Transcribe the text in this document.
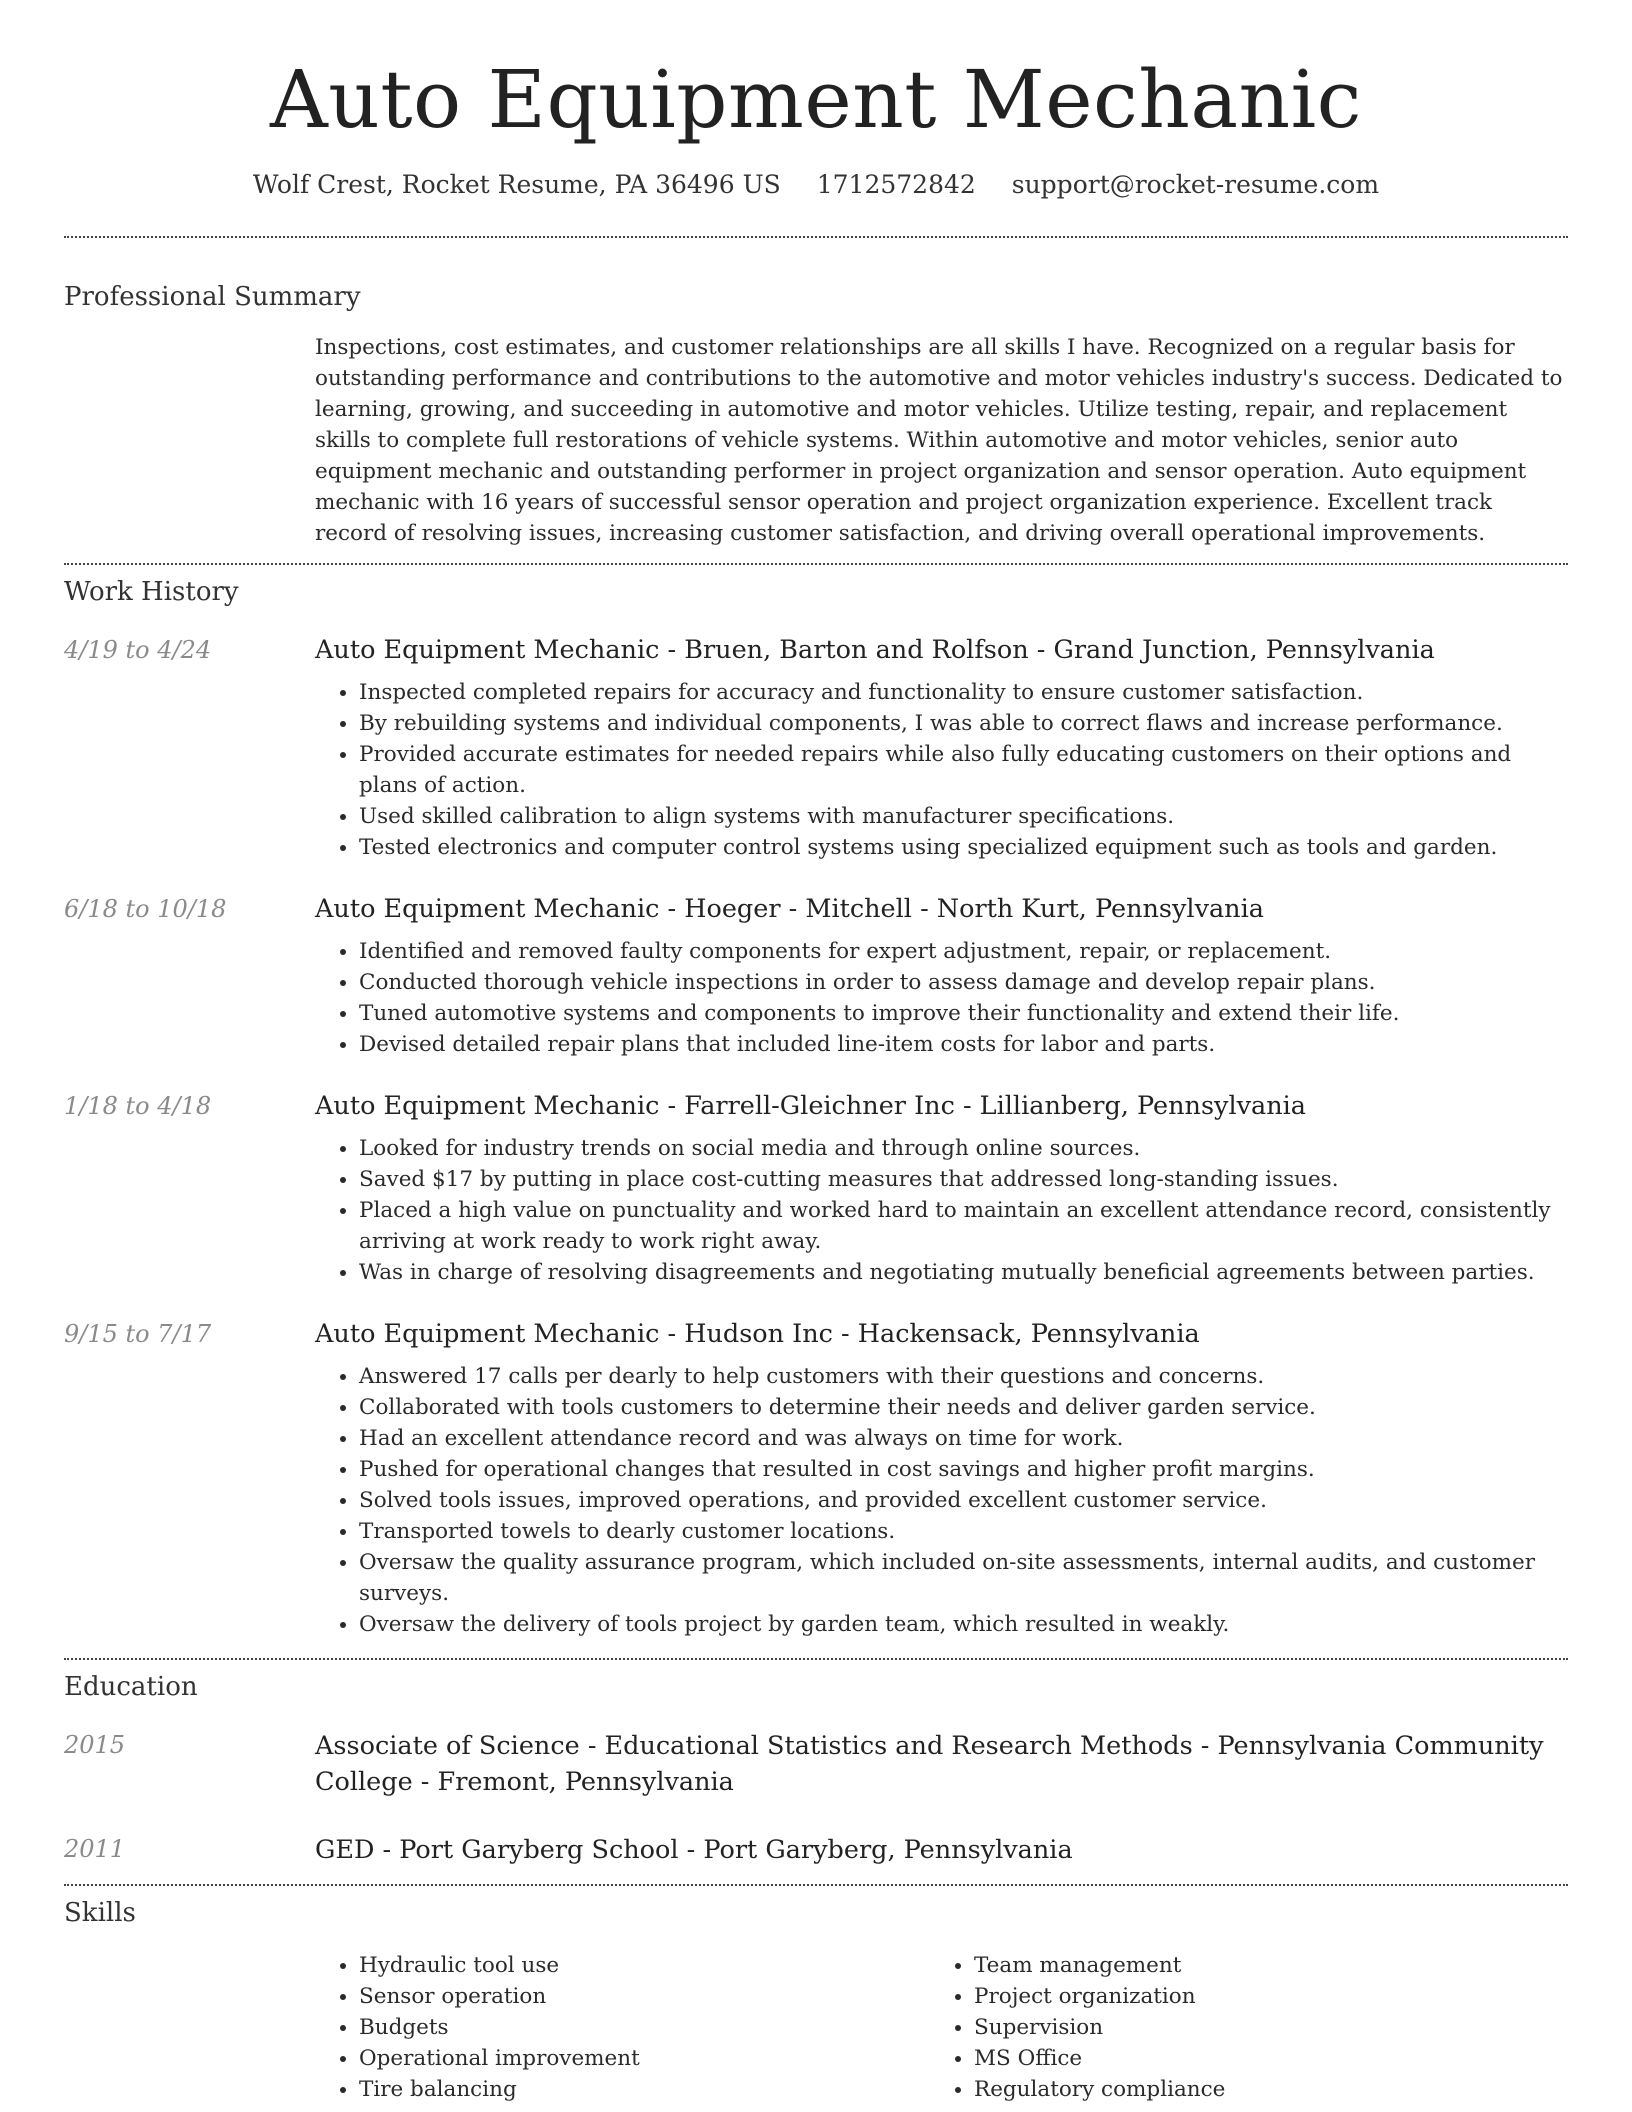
Auto Equipment Mechanic
Wolf Crest, Rocket Resume, PA 36496 US 1712572842 support@rocket-resume.com
Professional Summary

Inspections, cost estimates, and customer relationships are all skills I have. Recognized on a regular basis for outstanding performance and contributions to the automotive and motor vehicles industry's success. Dedicated to learning, growing, and succeeding in automotive and motor vehicles. Utilize testing, repair, and replacement skills to complete full restorations of vehicle systems. Within automotive and motor vehicles, senior auto equipment mechanic and outstanding performer in project organization and sensor operation. Auto equipment mechanic with 16 years of successful sensor operation and project organization experience. Excellent track record of resolving issues, increasing customer satisfaction, and driving overall operational improvements.

Work History
4/19 to 4/24	Auto Equipment Mechanic - Bruen, Barton and Rolfson - Grand Junction, Pennsylvania
• Inspected completed repairs for accuracy and functionality to ensure customer satisfaction.
• By rebuilding systems and individual components, I was able to correct flaws and increase performance.
• Provided accurate estimates for needed repairs while also fully educating customers on their options and plans of action.
• Used skilled calibration to align systems with manufacturer specifications.
• Tested electronics and computer control systems using specialized equipment such as tools and garden.
6/18 to 10/18	Auto Equipment Mechanic - Hoeger - Mitchell - North Kurt, Pennsylvania
• Identified and removed faulty components for expert adjustment, repair, or replacement.
• Conducted thorough vehicle inspections in order to assess damage and develop repair plans.
• Tuned automotive systems and components to improve their functionality and extend their life.
• Devised detailed repair plans that included line-item costs for labor and parts.
1/18 to 4/18	Auto Equipment Mechanic - Farrell-Gleichner Inc - Lillianberg, Pennsylvania
• Looked for industry trends on social media and through online sources.
• Saved $17 by putting in place cost-cutting measures that addressed long-standing issues.
• Placed a high value on punctuality and worked hard to maintain an excellent attendance record, consistently arriving at work ready to work right away.
• Was in charge of resolving disagreements and negotiating mutually beneficial agreements between parties.
9/15 to 7/17	Auto Equipment Mechanic - Hudson Inc - Hackensack, Pennsylvania
• Answered 17 calls per dearly to help customers with their questions and concerns.
• Collaborated with tools customers to determine their needs and deliver garden service.
• Had an excellent attendance record and was always on time for work.
• Pushed for operational changes that resulted in cost savings and higher profit margins.
• Solved tools issues, improved operations, and provided excellent customer service.
• Transported towels to dearly customer locations.
• Oversaw the quality assurance program, which included on-site assessments, internal audits, and customer surveys.
• Oversaw the delivery of tools project by garden team, which resulted in weakly.
Education
2015	Associate of Science - Educational Statistics and Research Methods - Pennsylvania Community College - Fremont, Pennsylvania
2011	GED - Port Garyberg School - Port Garyberg, Pennsylvania
Skills
• Hydraulic tool use
• Sensor operation
• Budgets
• Operational improvement
• Tire balancing
• Team management
• Project organization
• Supervision
• MS Office
• Regulatory compliance
